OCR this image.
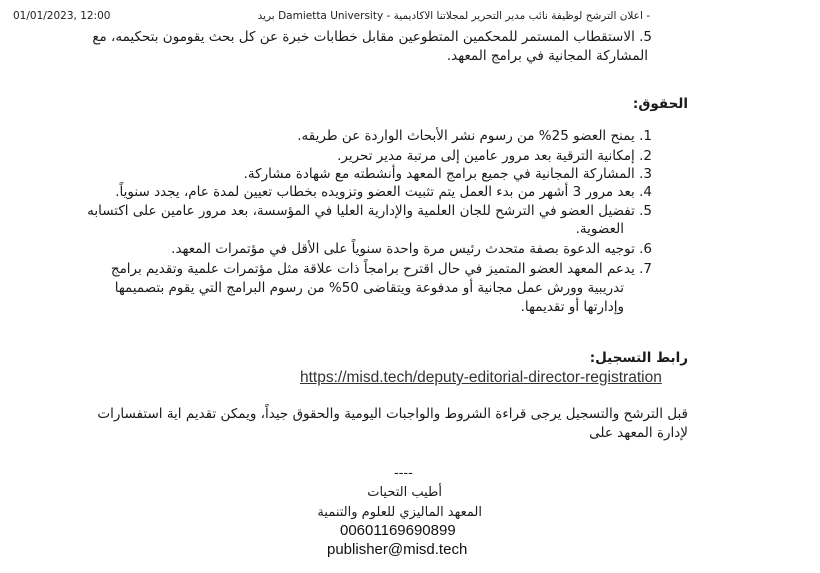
01/01/2023, 12:00	- اعلان الترشح لوظيفة نائب مدير التحرير لمجلاتنا الاكاديمية - Damietta University بريد
5. الاستقطاب المستمر للمحكمين المتطوعين مقابل خطابات خبرة عن كل بحث يقومون بتحكيمه، مع
المشاركة المجانية في برامج المعهد.
الحقوق:
1. يمنح العضو 25% من رسوم نشر الأبحاث الواردة عن طريقه.
2. إمكانية الترقية بعد مرور عامين إلى مرتبة مدير تحرير.
3. المشاركة المجانية في جميع برامج المعهد وأنشطته مع شهادة مشاركة.
4. بعد مرور 3 أشهر من بدء العمل يتم تثبيت العضو وتزويده بخطاب تعيين لمدة عام، يجدد سنوياً.
5. تفضيل العضو في الترشح للجان العلمية والإدارية العليا في المؤسسة، بعد مرور عامين على اكتسابه
العضوية.
6. توجيه الدعوة بصفة متحدث رئيس مرة واحدة سنوياً على الأقل في مؤتمرات المعهد.
7. يدعم المعهد العضو المتميز في حال اقترح برامجاً ذات علاقة مثل مؤتمرات علمية وتقديم برامج
تدريبية وورش عمل مجانية أو مدفوعة ويتقاضى 50% من رسوم البرامج التي يقوم بتصميمها
وإدارتها أو تقديمها.
رابط التسجيل:
https://misd.tech/deputy-editorial-director-registration
قبل الترشح والتسجيل يرجى قراءة الشروط والواجبات اليومية والحقوق جيداً، ويمكن تقديم اية استفسارات
لإدارة المعهد على
----
أطيب التحيات
المعهد الماليزي للعلوم والتنمية
00601169690899
publisher@misd.tech
